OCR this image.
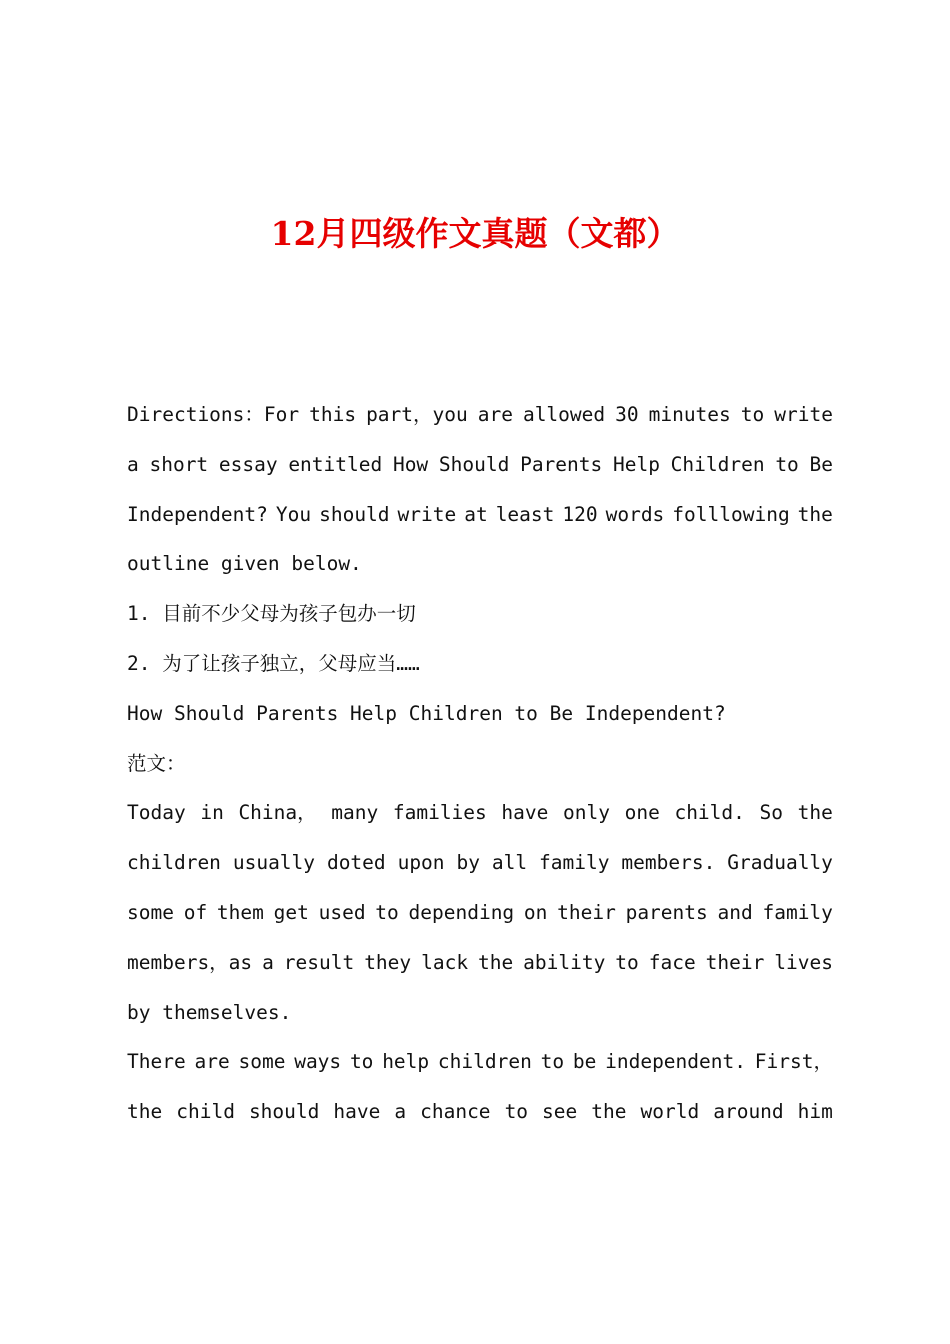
12月四级作文真题（文都）
Directions：For this part，you are allowed 30 minutes to write
a short essay entitled How Should Parents Help Children to Be
Independent? You should write at least 120 words folllowing the
outline given below.
1. 目前不少父母为孩子包办一切
2. 为了让孩子独立，父母应当……
How Should Parents Help Children to Be Independent?
范文：
Today in China， many families have only one child. So the
children usually doted upon by all family members. Gradually
some of them get used to depending on their parents and family
members，as a result they lack the ability to face their lives
by themselves.
There are some ways to help children to be independent. First，
the child should have a chance to see the world around him
